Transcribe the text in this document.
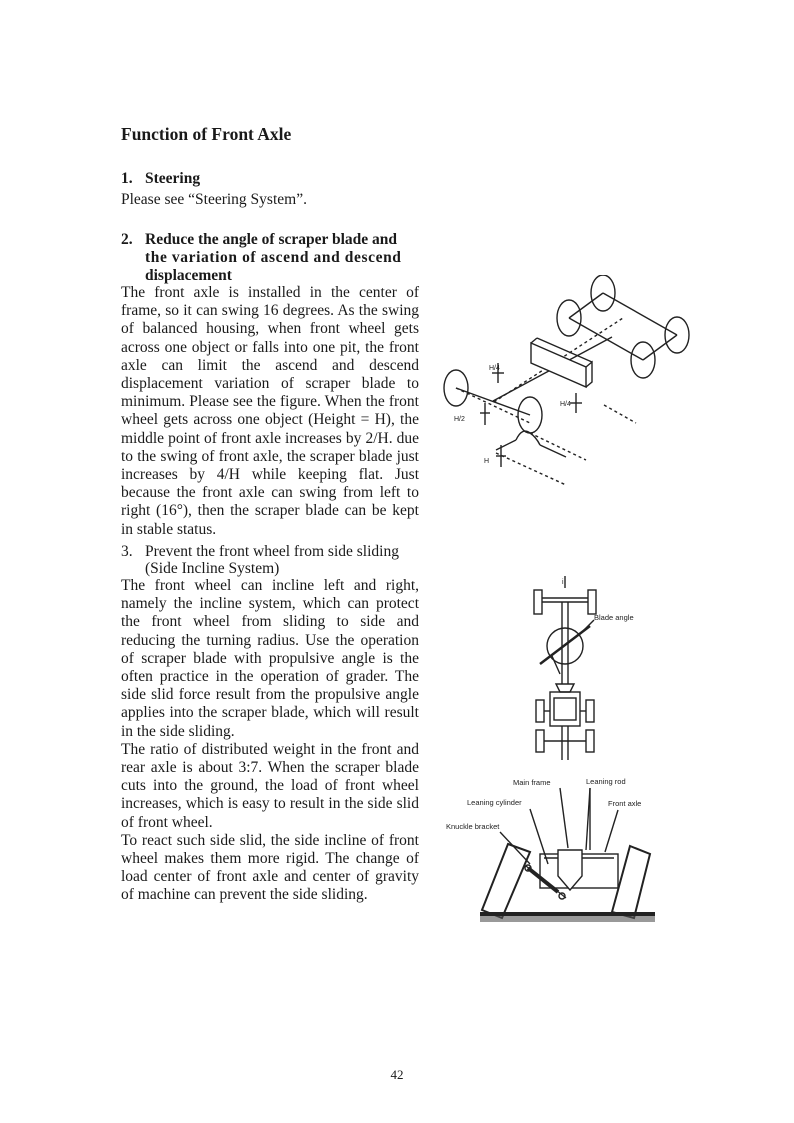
Function of Front Axle
1. Steering

Please see “Steering System”.

2. Reduce the angle of scraper blade and
the variation of ascend and descend
displacement

The front axle is installed in the center of frame, so it can swing 16 degrees. As the swing of balanced housing, when front wheel gets across one object or falls into one pit, the front axle can limit the ascend and descend displacement variation of scraper blade to minimum. Please see the figure. When the front wheel gets across one object (Height = H), the middle point of front axle increases by 2/H. due to the swing of front axle, the scraper blade just increases by 4/H while keeping flat. Just because the front axle can swing from left to right (16°), then the scraper blade can be kept in stable status.

3. Prevent the front wheel from side sliding
(Side Incline System)

The front wheel can incline left and right, namely the incline system, which can protect the front wheel from sliding to side and reducing the turning radius. Use the operation of scraper blade with propulsive angle is the often practice in the operation of grader. The side slid force result from the propulsive angle applies into the scraper blade, which will result in the side sliding.

The ratio of distributed weight in the front and rear axle is about 3:7. When the scraper blade cuts into the ground, the load of front wheel increases, which is easy to result in the side slid of front wheel.

To react such side slid, the side incline of front wheel makes them more rigid. The change of load center of front axle and center of gravity of machine can prevent the side sliding.

H/4
H/2
H/4
H
i
Blade angle
Main frame	Leaning rod
Leaning cylinder	Front axle
Knuckle bracket
42
